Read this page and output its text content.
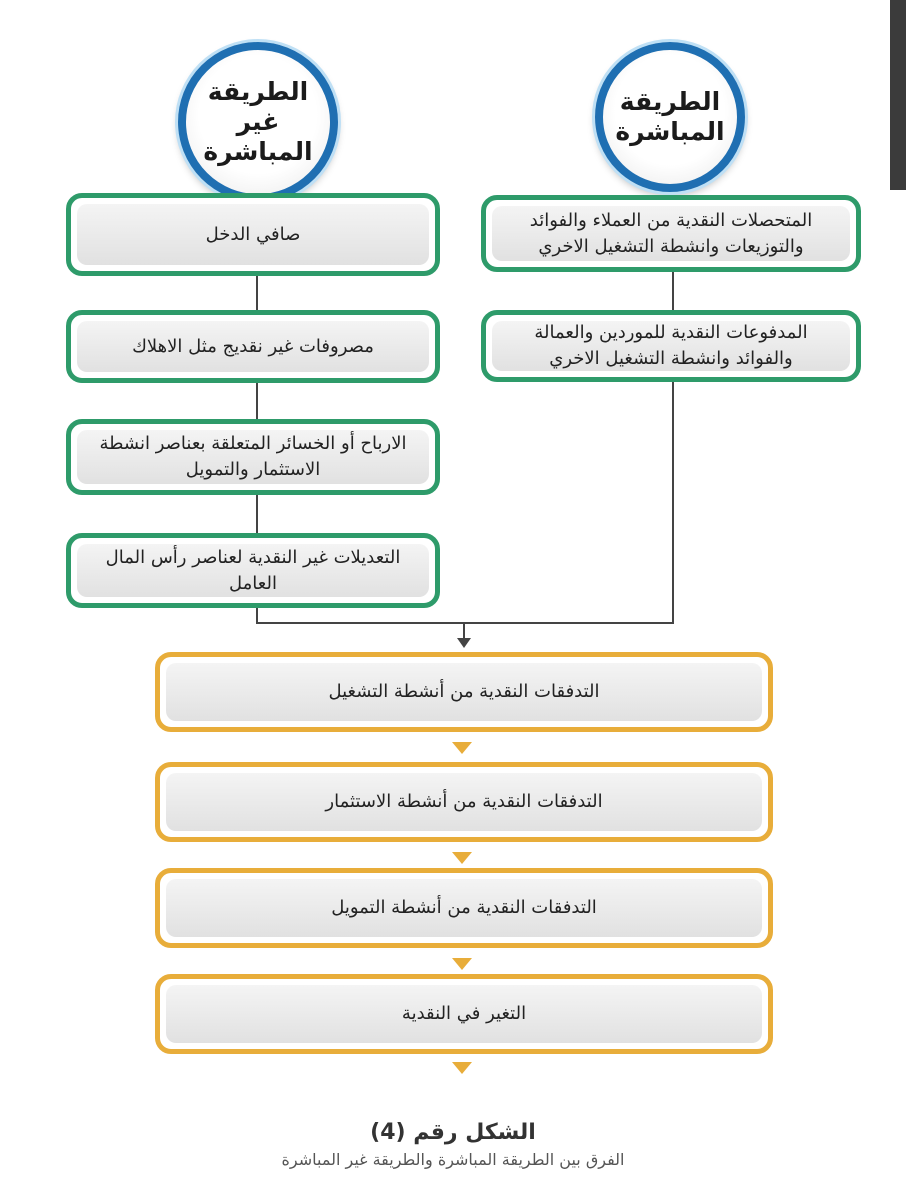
الطريقة
غير
المباشرة
الطريقة
المباشرة
صافي الدخل
مصروفات غير نقديج مثل الاهلاك
الارباح أو الخسائر المتعلقة بعناصر انشطة الاستثمار والتمويل
التعديلات غير النقدية لعناصر رأس المال العامل
المتحصلات النقدية من العملاء والفوائد والتوزيعات وانشطة التشغيل الاخري
المدفوعات النقدية للموردين والعمالة والفوائد وانشطة التشغيل الاخري
التدفقات النقدية من أنشطة التشغيل
التدفقات النقدية من أنشطة الاستثمار
التدفقات النقدية من أنشطة التمويل
التغير في النقدية
الشكل رقم (4)
الفرق بين الطريقة المباشرة والطريقة غير المباشرة
